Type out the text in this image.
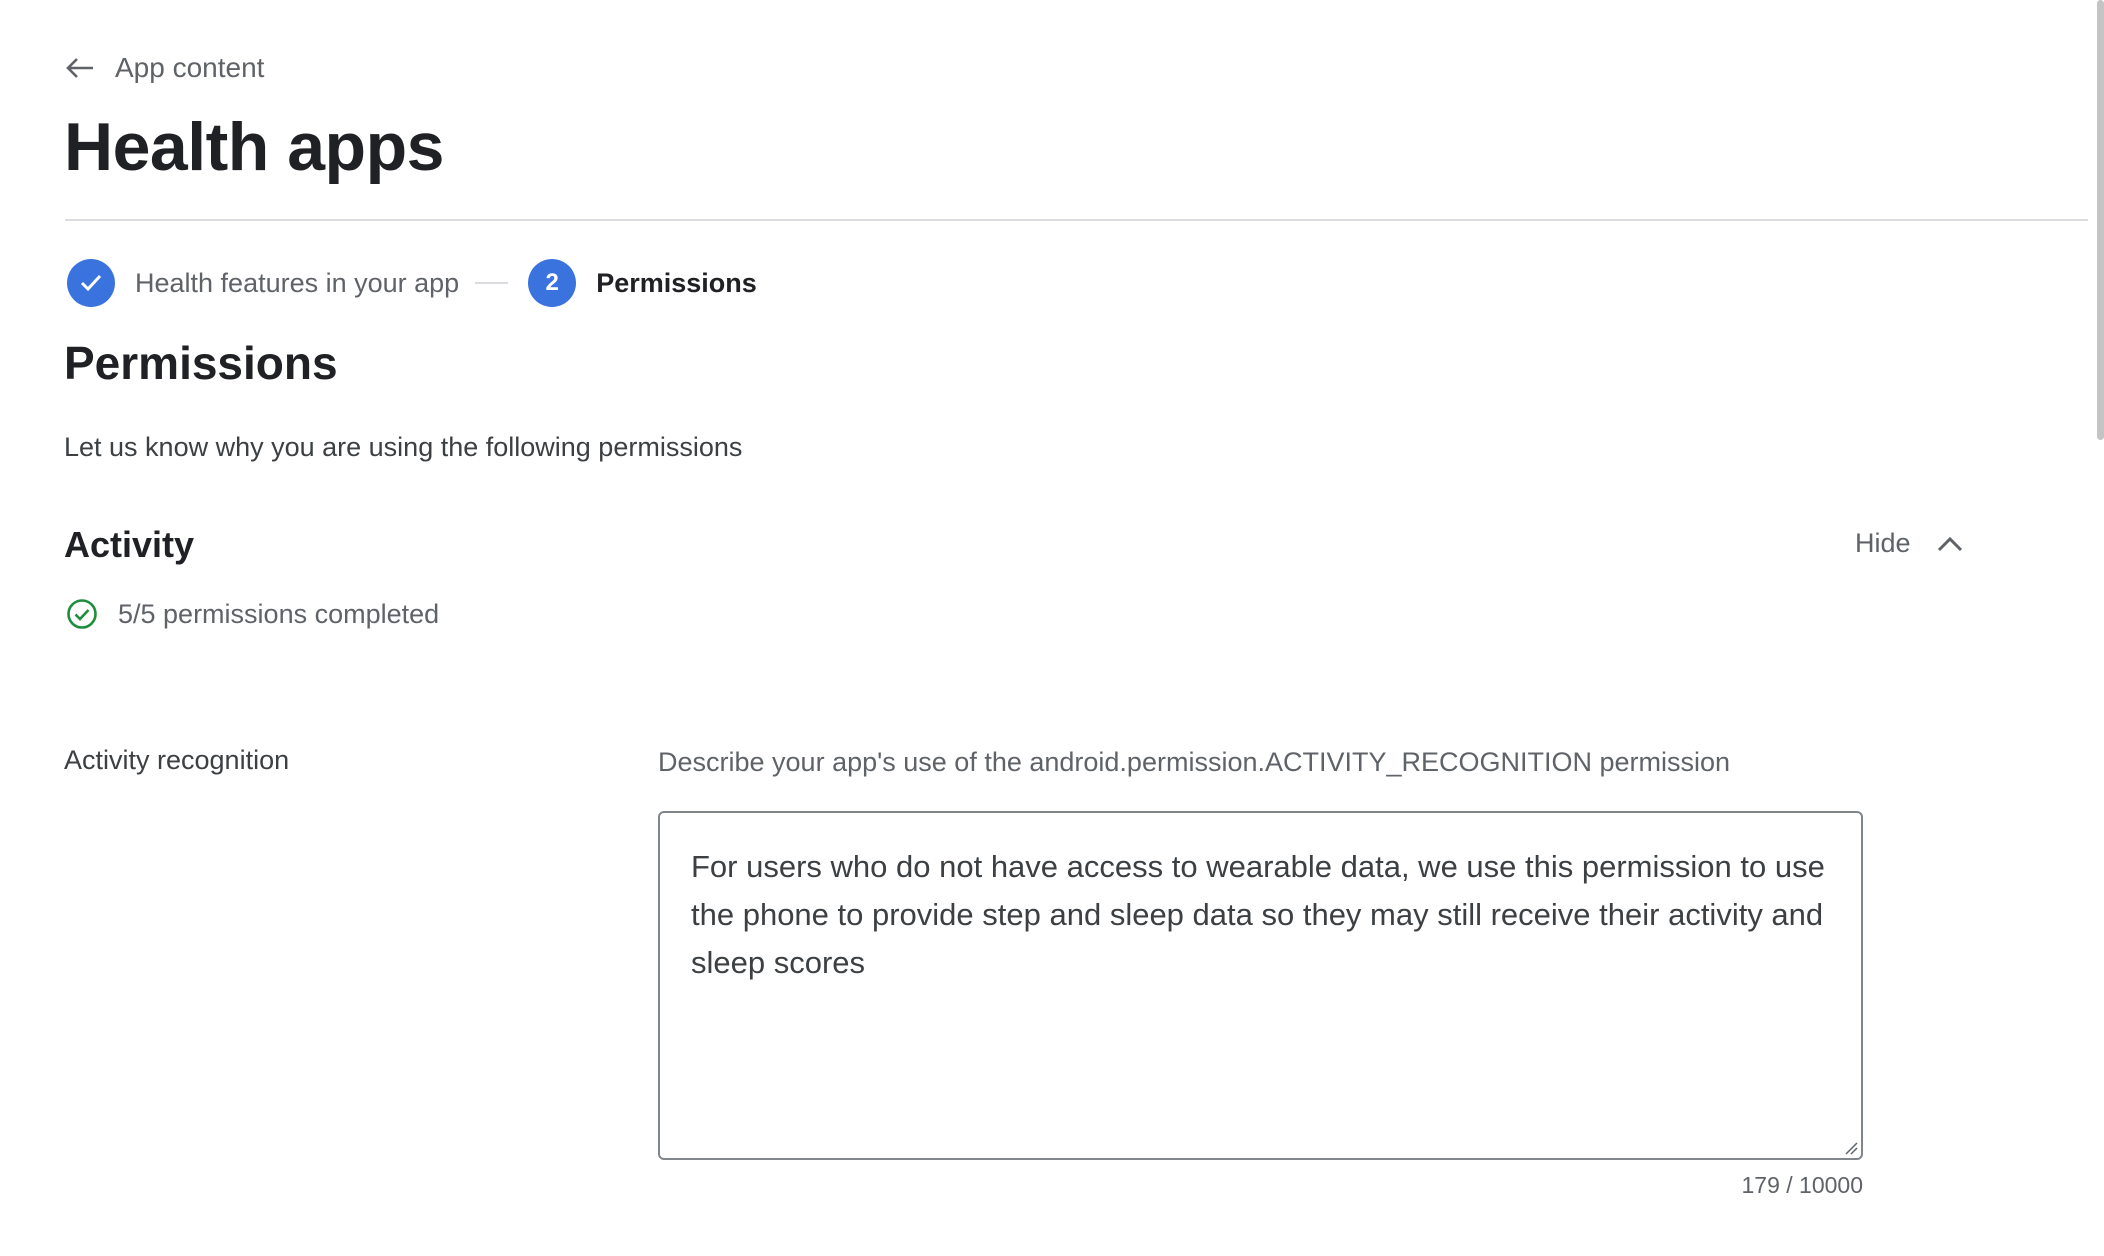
App content
Health apps
Health features in your app	2	Permissions
Permissions
Let us know why you are using the following permissions
Activity	Hide
5/5 permissions completed
Activity recognition	Describe your app's use of the android.permission.ACTIVITY_RECOGNITION permission
For users who do not have access to wearable data, we use this permission to use the phone to provide step and sleep data so they may still receive their activity and sleep scores
179 / 10000
